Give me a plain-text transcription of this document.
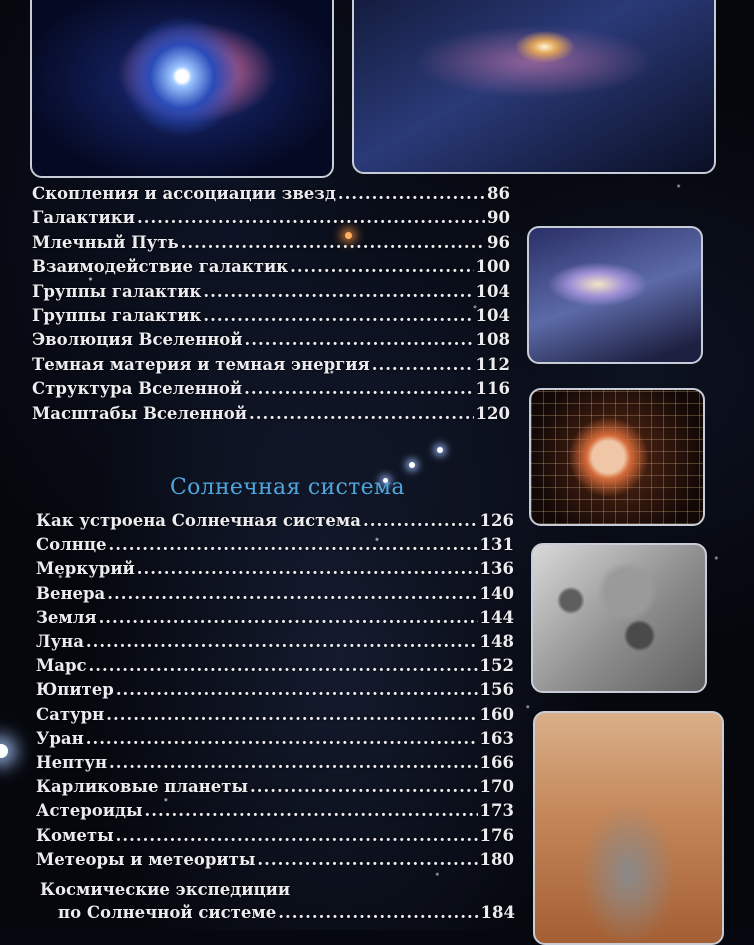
Скопления и ассоциации звезд .....	86
Галактики .....	90
Млечный Путь .....	96
Взаимодействие галактик .....	100
Группы галактик .....	104
Группы галактик .....	104
Эволюция Вселенной .....	108
Темная материя и темная энергия .....	112
Структура Вселенной .....	116
Масштабы Вселенной .....	120
Как устроена Солнечная система .....	126
Солнце .....	131
Меркурий .....	136
Венера .....	140
Земля .....	144
Луна .....	148
Марс .....	152
Юпитер .....	156
Сатурн .....	160
Уран .....	163
Нептун .....	166
Карликовые планеты .....	170
Астероиды .....	173
Кометы .....	176
Метеоры и метеориты .....	180
Солнечная система
Космические экспедиции
по Солнечной системе .....	184
